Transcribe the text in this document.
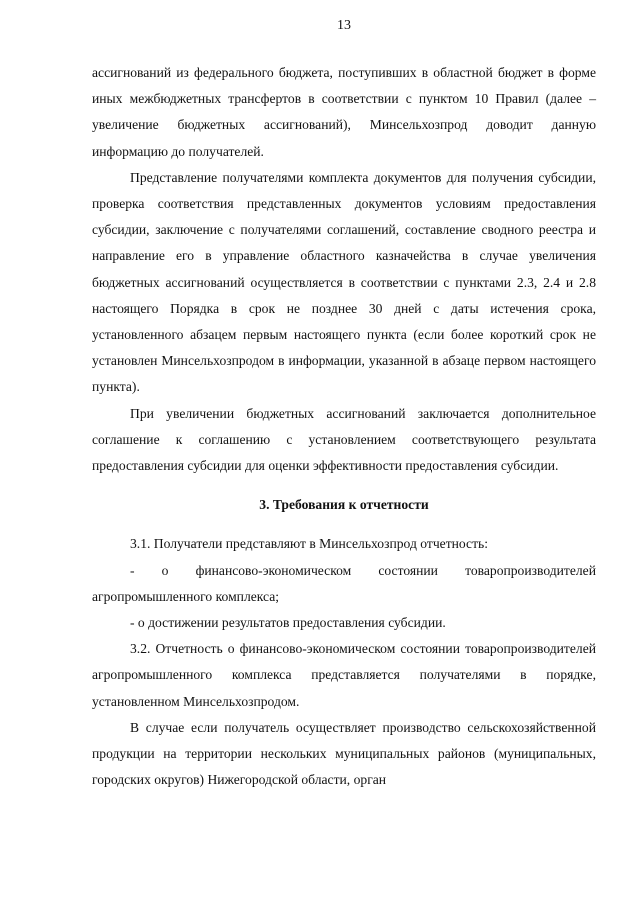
13

ассигнований из федерального бюджета, поступивших в областной бюджет в форме иных межбюджетных трансфертов в соответствии с пунктом 10 Правил (далее – увеличение бюджетных ассигнований), Минсельхозпрод доводит данную информацию до получателей.

Представление получателями комплекта документов для получения субсидии, проверка соответствия представленных документов условиям предоставления субсидии, заключение с получателями соглашений, составление сводного реестра и направление его в управление областного казначейства в случае увеличения бюджетных ассигнований осуществляется в соответствии с пунктами 2.3, 2.4 и 2.8 настоящего Порядка в срок не позднее 30 дней с даты истечения срока, установленного абзацем первым настоящего пункта (если более короткий срок не установлен Минсельхозпродом в информации, указанной в абзаце первом настоящего пункта).

При увеличении бюджетных ассигнований заключается дополнительное соглашение к соглашению с установлением соответствующего результата предоставления субсидии для оценки эффективности предоставления субсидии.

3. Требования к отчетности

3.1. Получатели представляют в Минсельхозпрод отчетность:

- о финансово-экономическом состоянии товаропроизводителей агропромышленного комплекса;

- о достижении результатов предоставления субсидии.

3.2. Отчетность о финансово-экономическом состоянии товаропроизводителей агропромышленного комплекса представляется получателями в порядке, установленном Минсельхозпродом.

В случае если получатель осуществляет производство сельскохозяйственной продукции на территории нескольких муниципальных районов (муниципальных, городских округов) Нижегородской области, орган
